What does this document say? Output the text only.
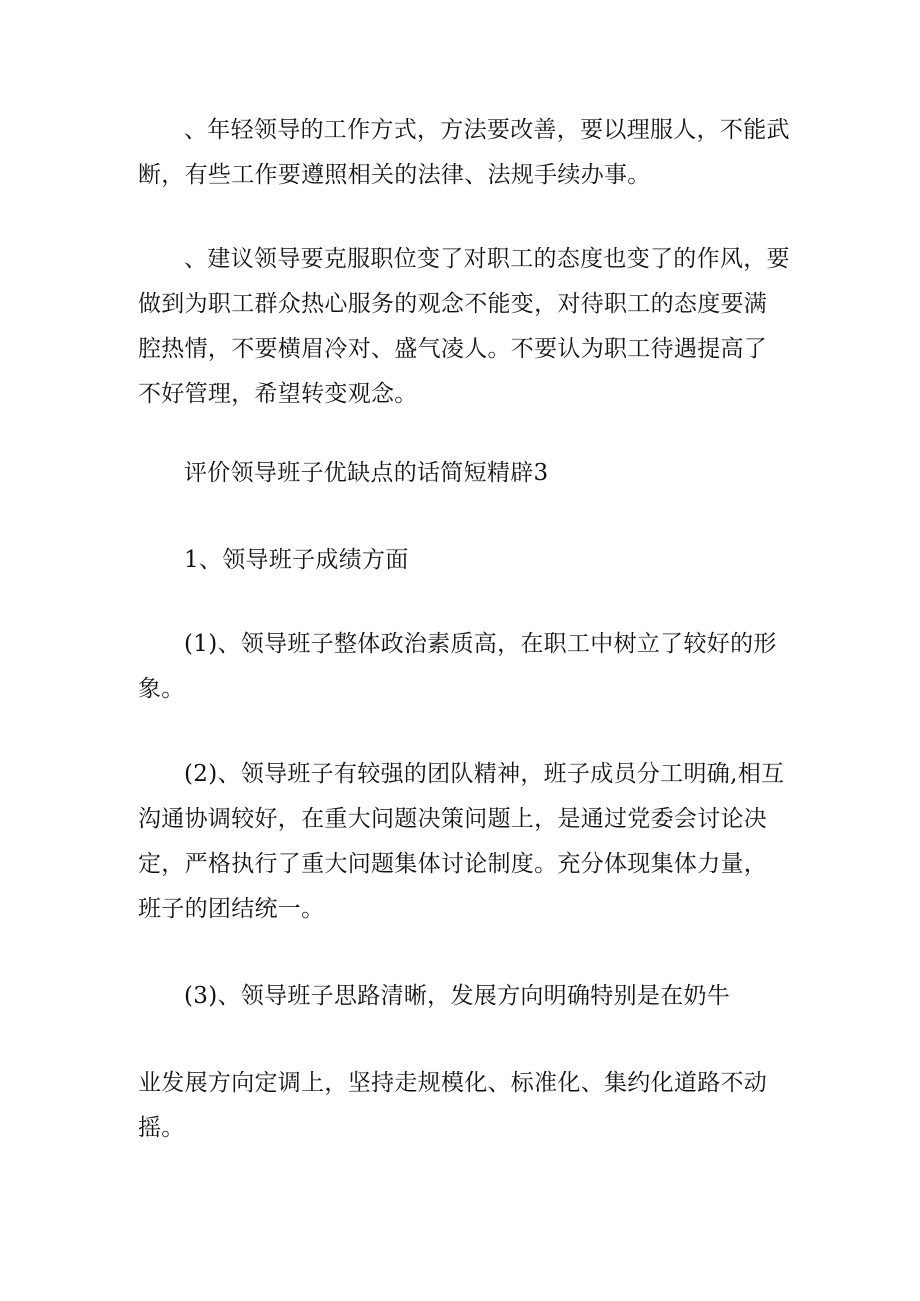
、年轻领导的工作方式，方法要改善，要以理服人，不能武断，有些工作要遵照相关的法律、法规手续办事。

、建议领导要克服职位变了对职工的态度也变了的作风，要做到为职工群众热心服务的观念不能变，对待职工的态度要满腔热情，不要横眉冷对、盛气凌人。不要认为职工待遇提高了不好管理，希望转变观念。

评价领导班子优缺点的话简短精辟3

1、领导班子成绩方面

(1)、领导班子整体政治素质高，在职工中树立了较好的形象。

(2)、领导班子有较强的团队精神，班子成员分工明确,相互沟通协调较好，在重大问题决策问题上，是通过党委会讨论决定，严格执行了重大问题集体讨论制度。充分体现集体力量，班子的团结统一。

(3)、领导班子思路清晰，发展方向明确特别是在奶牛

业发展方向定调上，坚持走规模化、标准化、集约化道路不动摇。
